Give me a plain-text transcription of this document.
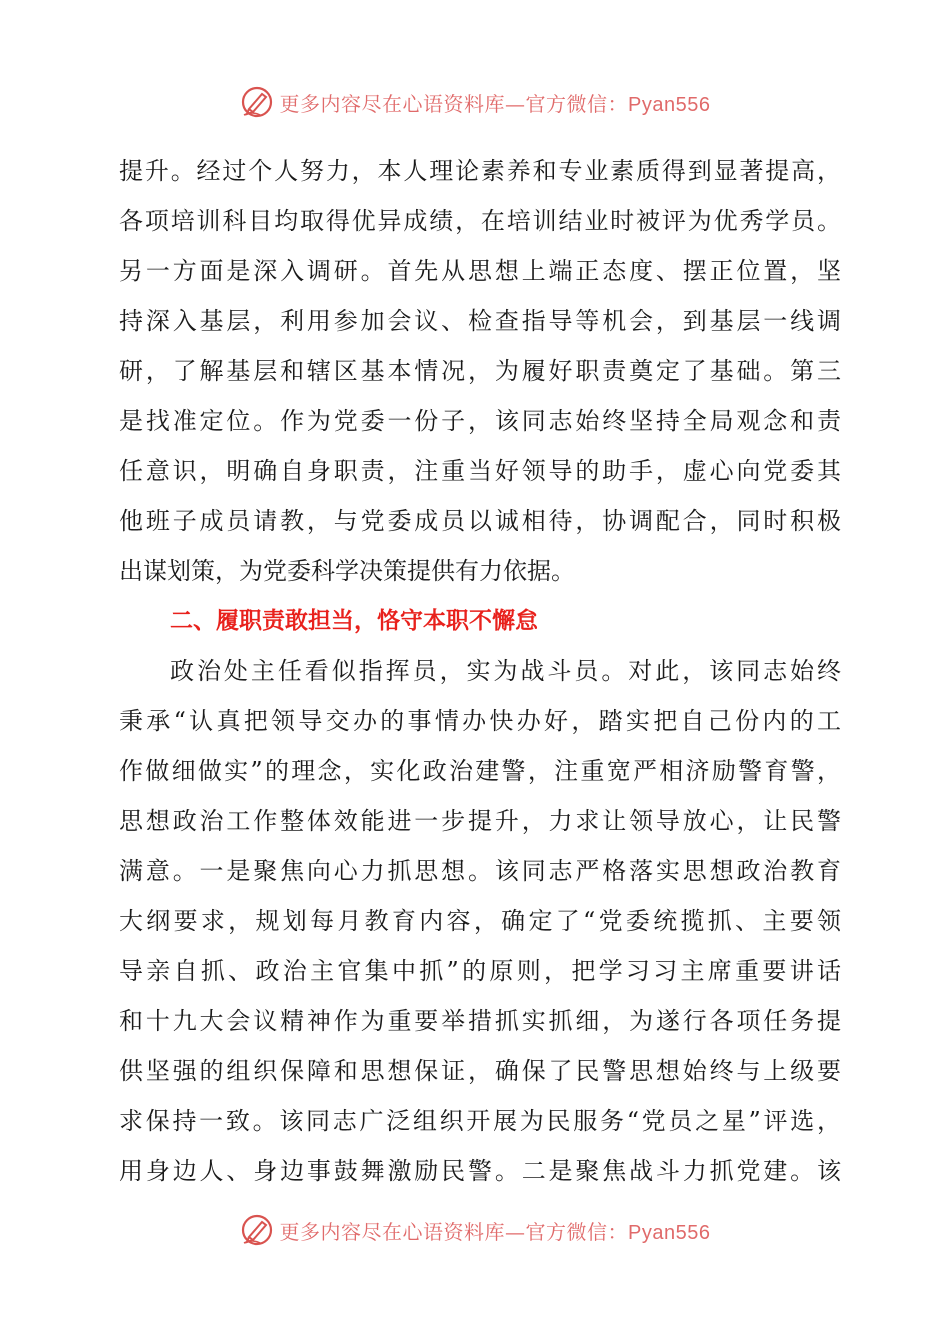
更多内容尽在心语资料库—官方微信：Pyan556
提升。经过个人努力，本人理论素养和专业素质得到显著提高，
各项培训科目均取得优异成绩，在培训结业时被评为优秀学员。
另一方面是深入调研。首先从思想上端正态度、摆正位置，坚
持深入基层，利用参加会议、检查指导等机会，到基层一线调
研，了解基层和辖区基本情况，为履好职责奠定了基础。第三
是找准定位。作为党委一份子，该同志始终坚持全局观念和责
任意识，明确自身职责，注重当好领导的助手，虚心向党委其
他班子成员请教，与党委成员以诚相待，协调配合，同时积极
出谋划策，为党委科学决策提供有力依据。
二、履职责敢担当，恪守本职不懈怠
政治处主任看似指挥员，实为战斗员。对此，该同志始终
秉承“认真把领导交办的事情办快办好，踏实把自己份内的工
作做细做实”的理念，实化政治建警，注重宽严相济励警育警，
思想政治工作整体效能进一步提升，力求让领导放心，让民警
满意。一是聚焦向心力抓思想。该同志严格落实思想政治教育
大纲要求，规划每月教育内容，确定了“党委统揽抓、主要领
导亲自抓、政治主官集中抓”的原则，把学习习主席重要讲话
和十九大会议精神作为重要举措抓实抓细，为遂行各项任务提
供坚强的组织保障和思想保证，确保了民警思想始终与上级要
求保持一致。该同志广泛组织开展为民服务“党员之星”评选，
用身边人、身边事鼓舞激励民警。二是聚焦战斗力抓党建。该
更多内容尽在心语资料库—官方微信：Pyan556
